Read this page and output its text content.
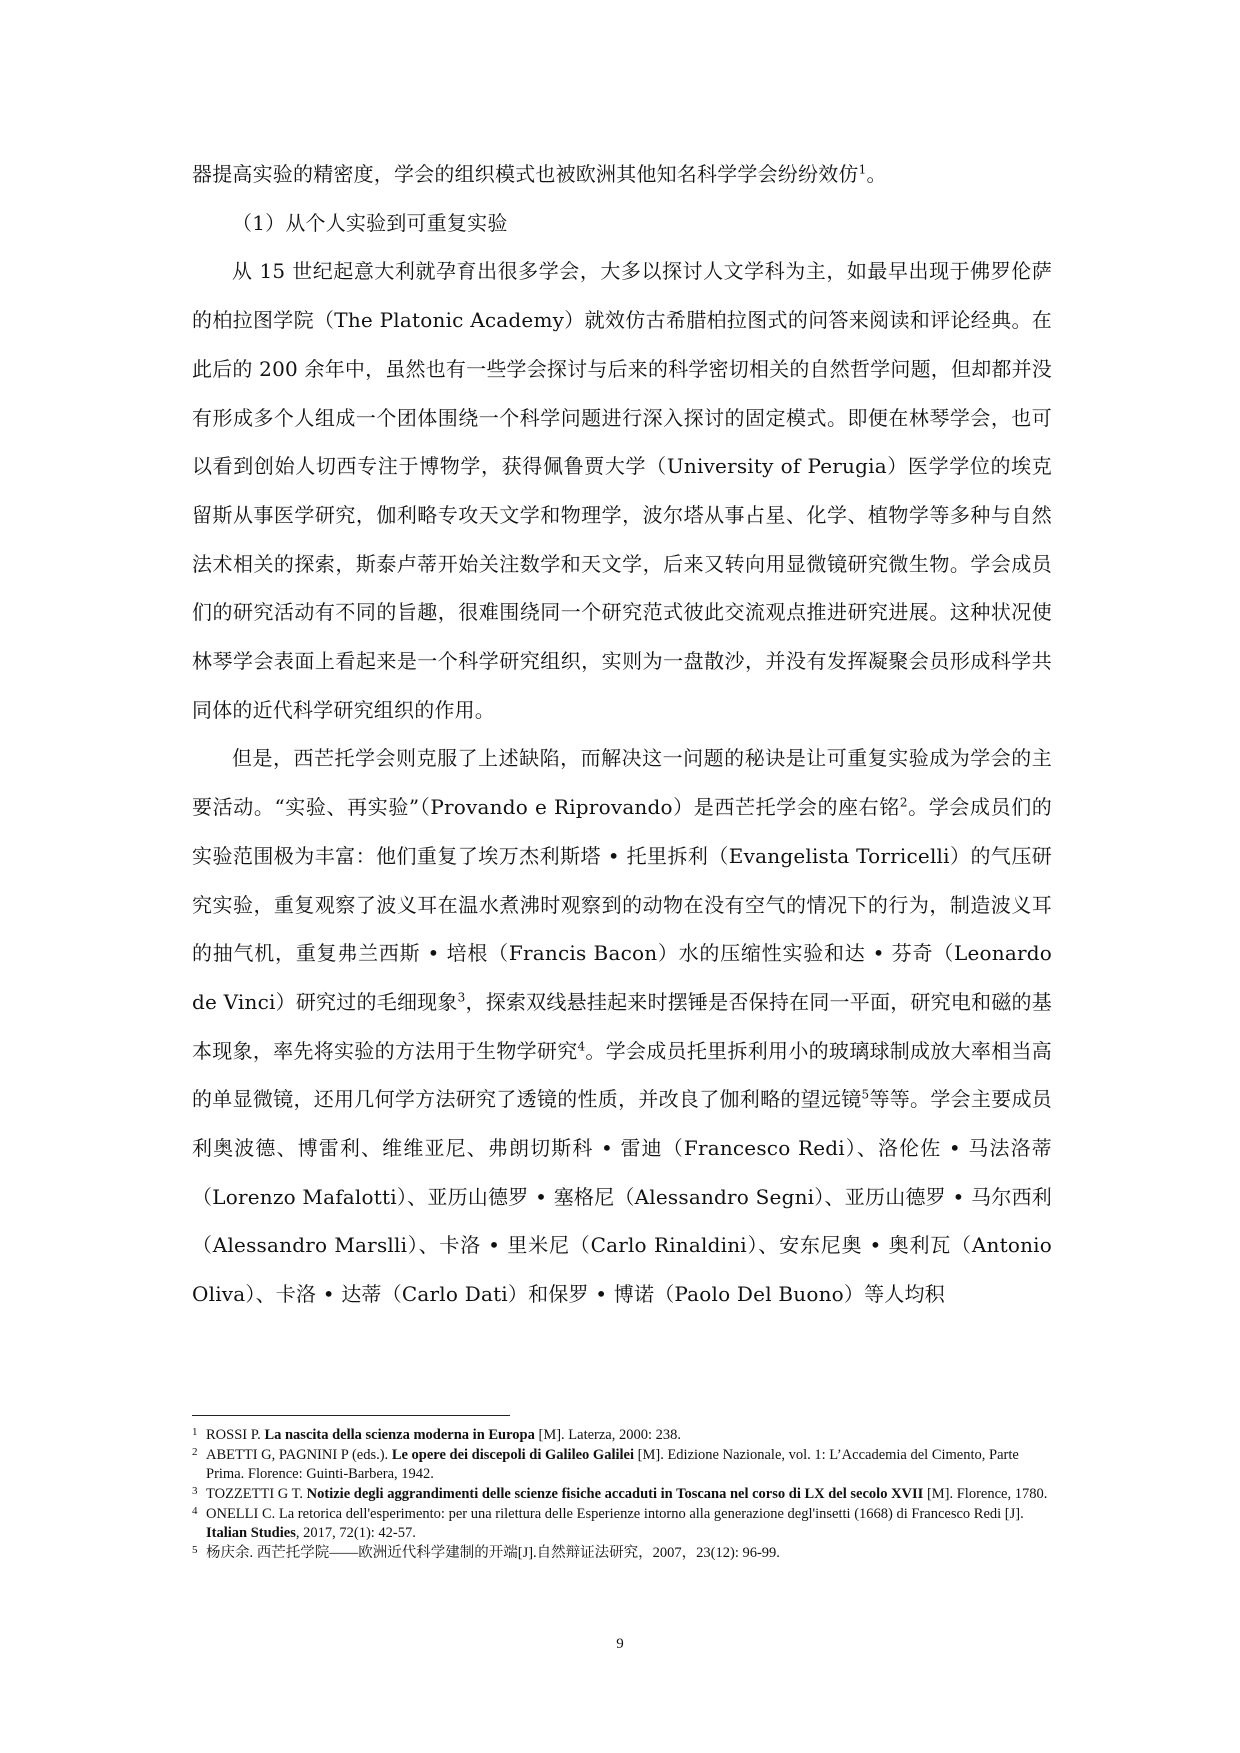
器提高实验的精密度，学会的组织模式也被欧洲其他知名科学学会纷纷效仿$^1$。

（1）从个人实验到可重复实验

从 15 世纪起意大利就孕育出很多学会，大多以探讨人文学科为主，如最早出现于佛罗伦萨的柏拉图学院（The Platonic Academy）就效仿古希腊柏拉图式的问答来阅读和评论经典。在此后的 200 余年中，虽然也有一些学会探讨与后来的科学密切相关的自然哲学问题，但却都并没有形成多个人组成一个团体围绕一个科学问题进行深入探讨的固定模式。即便在林琴学会，也可以看到创始人切西专注于博物学，获得佩鲁贾大学（University of Perugia）医学学位的埃克留斯从事医学研究，伽利略专攻天文学和物理学，波尔塔从事占星、化学、植物学等多种与自然法术相关的探索，斯泰卢蒂开始关注数学和天文学，后来又转向用显微镜研究微生物。学会成员们的研究活动有不同的旨趣，很难围绕同一个研究范式彼此交流观点推进研究进展。这种状况使林琴学会表面上看起来是一个科学研究组织，实则为一盘散沙，并没有发挥凝聚会员形成科学共同体的近代科学研究组织的作用。

但是，西芒托学会则克服了上述缺陷，而解决这一问题的秘诀是让可重复实验成为学会的主要活动。“实验、再实验”（Provando e Riprovando）是西芒托学会的座右铭$^2$。学会成员们的实验范围极为丰富：他们重复了埃万杰利斯塔 • 托里拆利（Evangelista Torricelli）的气压研究实验，重复观察了波义耳在温水煮沸时观察到的动物在没有空气的情况下的行为，制造波义耳的抽气机，重复弗兰西斯 • 培根（Francis Bacon）水的压缩性实验和达 • 芬奇（Leonardo de Vinci）研究过的毛细现象$^3$，探索双线悬挂起来时摆锤是否保持在同一平面，研究电和磁的基本现象，率先将实验的方法用于生物学研究$^4$。学会成员托里拆利用小的玻璃球制成放大率相当高的单显微镜，还用几何学方法研究了透镜的性质，并改良了伽利略的望远镜$^5$等等。学会主要成员利奥波德、博雷利、维维亚尼、弗朗切斯科 • 雷迪（Francesco Redi）、洛伦佐 • 马法洛蒂（Lorenzo Mafalotti）、亚历山德罗 • 塞格尼（Alessandro Segni）、亚历山德罗 • 马尔西利（Alessandro Marslli）、卡洛 • 里米尼（Carlo Rinaldini）、安东尼奥 • 奥利瓦（Antonio Oliva）、卡洛 • 达蒂（Carlo Dati）和保罗 • 博诺（Paolo Del Buono）等人均积

1 ROSSI P. La nascita della scienza moderna in Europa [M]. Laterza, 2000: 238.
2 ABETTI G, PAGNINI P (eds.). Le opere dei discepoli di Galileo Galilei [M]. Edizione Nazionale, vol. 1: L’Accademia del Cimento, Parte Prima. Florence: Guinti-Barbera, 1942.
3 TOZZETTI G T. Notizie degli aggrandimenti delle scienze fisiche accaduti in Toscana nel corso di LX del secolo XVII [M]. Florence, 1780.
4 ONELLI C. La retorica dell'esperimento: per una rilettura delle Esperienze intorno alla generazione degl'insetti (1668) di Francesco Redi [J]. Italian Studies, 2017, 72(1): 42-57.
5 杨庆余. 西芒托学院——欧洲近代科学建制的开端[J].自然辩证法研究，2007，23(12): 96-99.
9
